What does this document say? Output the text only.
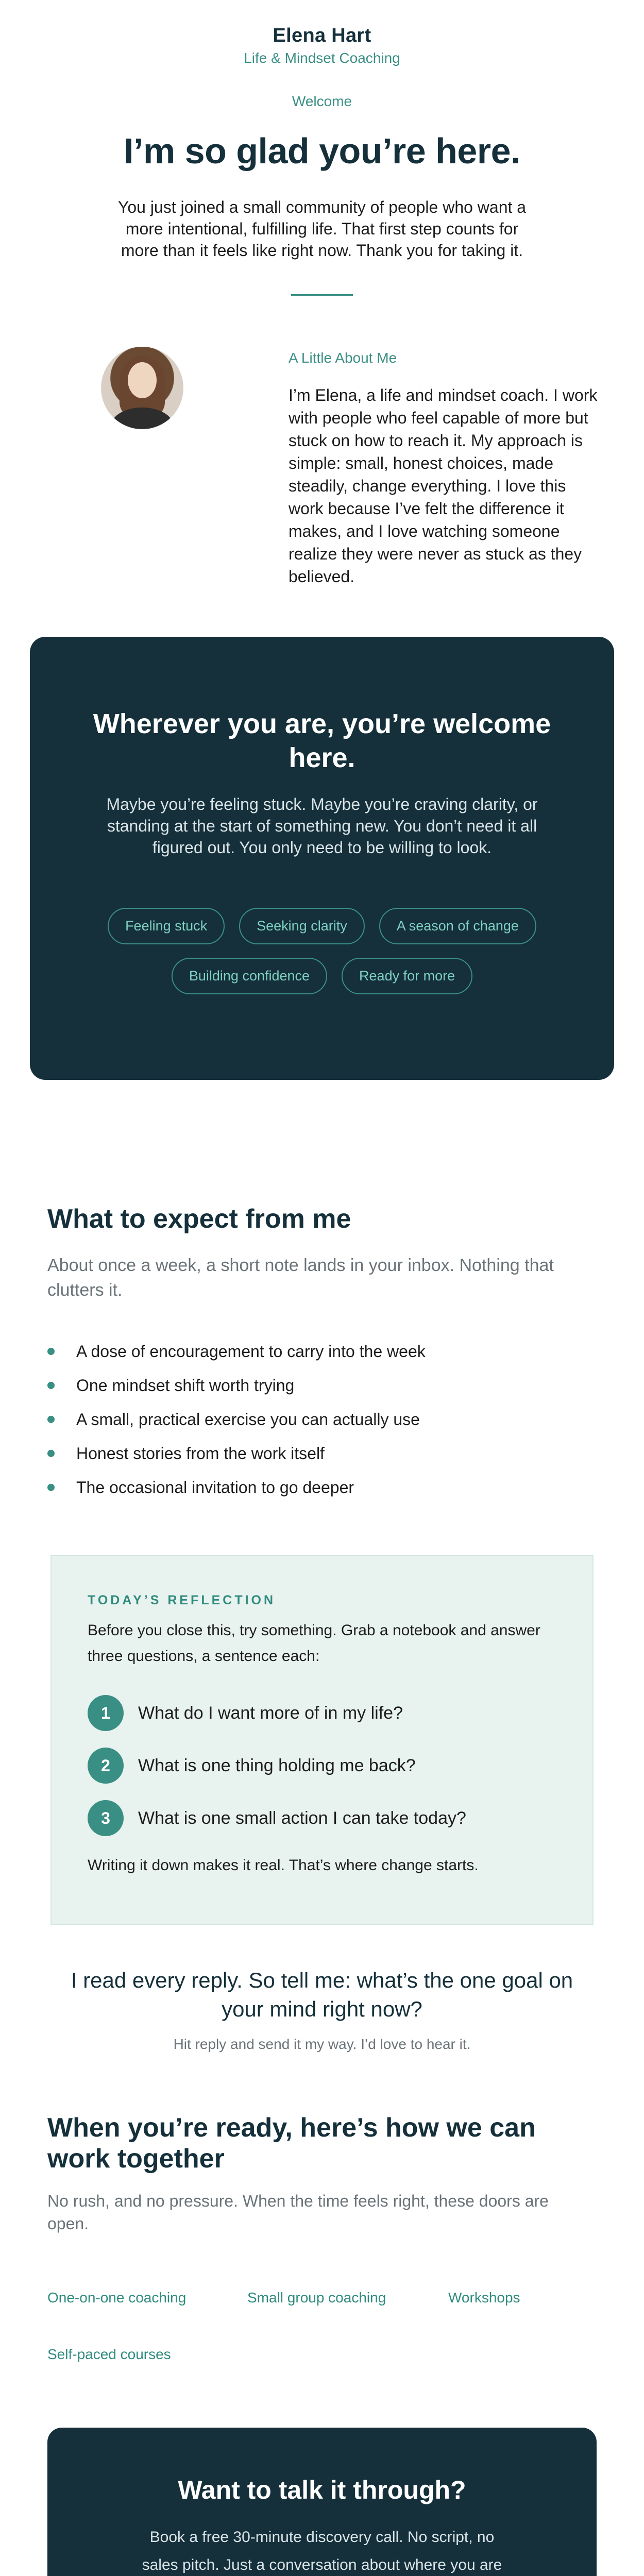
Elena Hart
Life & Mindset Coaching
Welcome
I’m so glad you’re here.
You just joined a small community of people who want a more intentional, fulfilling life. That first step counts for more than it feels like right now. Thank you for taking it.
A Little About Me
I’m Elena, a life and mindset coach. I work with people who feel capable of more but stuck on how to reach it. My approach is simple: small, honest choices, made steadily, change everything. I love this work because I’ve felt the difference it makes, and I love watching someone realize they were never as stuck as they believed.
Wherever you are, you’re welcome here.
Maybe you’re feeling stuck. Maybe you’re craving clarity, or standing at the start of something new. You don’t need it all figured out. You only need to be willing to look.
Feeling stuck	Seeking clarity	A season of change
Building confidence	Ready for more
What to expect from me
About once a week, a short note lands in your inbox. Nothing that clutters it.
A dose of encouragement to carry into the week
One mindset shift worth trying
A small, practical exercise you can actually use
Honest stories from the work itself
The occasional invitation to go deeper
TODAY’S REFLECTION
Before you close this, try something. Grab a notebook and answer three questions, a sentence each:
1	What do I want more of in my life?
2	What is one thing holding me back?
3	What is one small action I can take today?
Writing it down makes it real. That’s where change starts.
I read every reply. So tell me: what’s the one goal on your mind right now?
Hit reply and send it my way. I’d love to hear it.
When you’re ready, here’s how we can work together
No rush, and no pressure. When the time feels right, these doors are open.
One-on-one coaching	Small group coaching	Workshops
Self-paced courses
Want to talk it through?
Book a free 30-minute discovery call. No script, no sales pitch. Just a conversation about where you are
